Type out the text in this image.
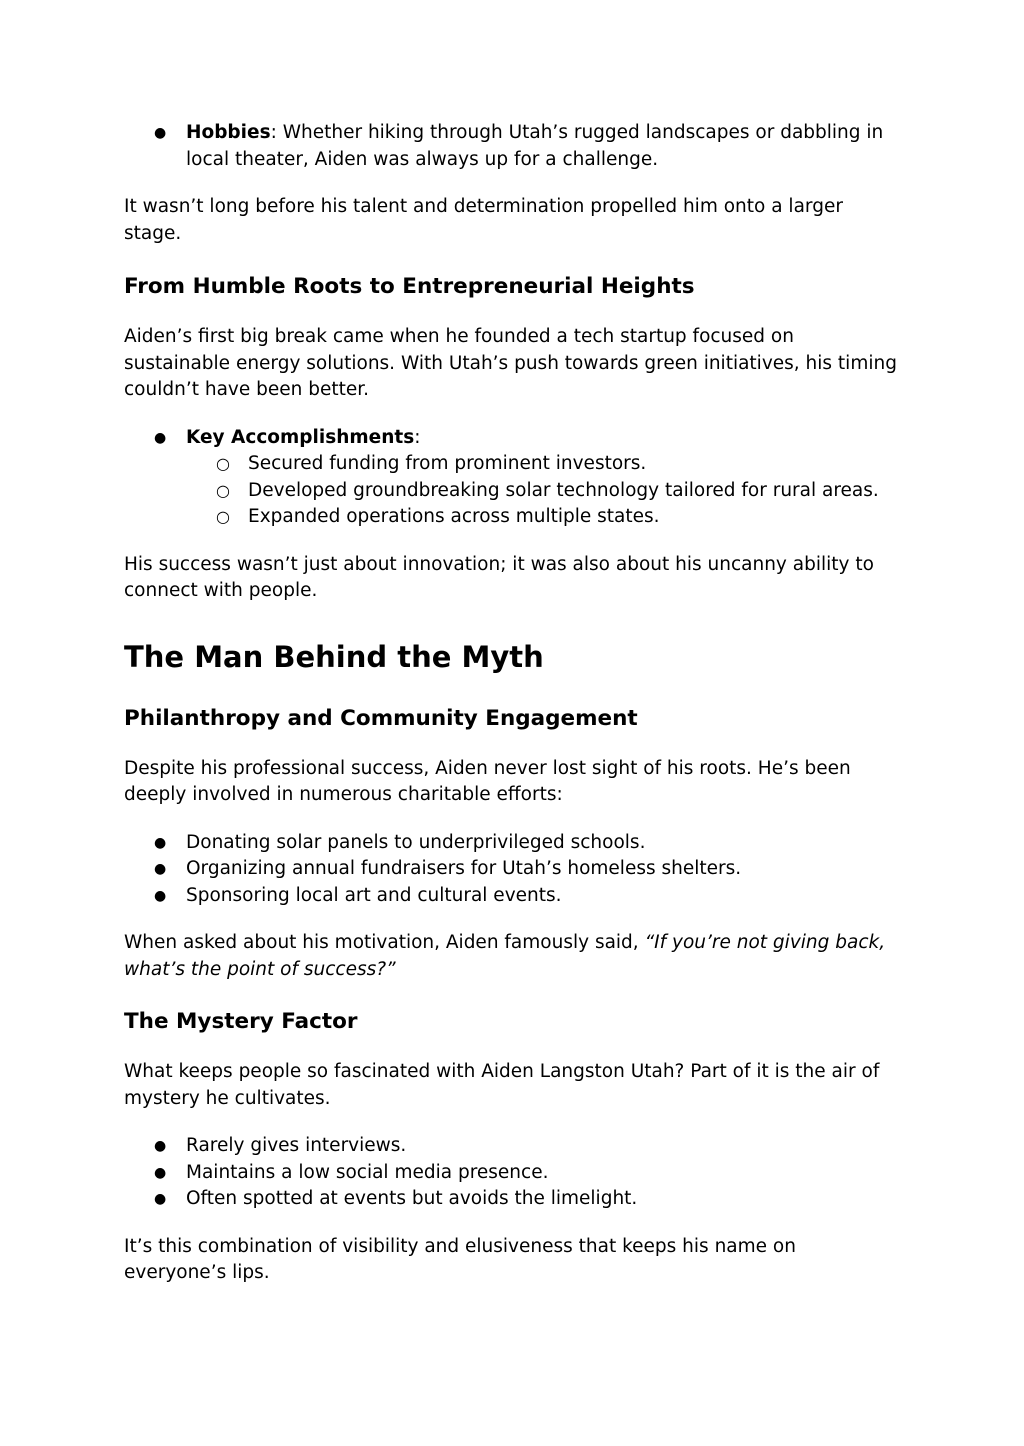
● Hobbies: Whether hiking through Utah’s rugged landscapes or dabbling in local theater, Aiden was always up for a challenge.

It wasn’t long before his talent and determination propelled him onto a larger stage.

From Humble Roots to Entrepreneurial Heights

Aiden’s first big break came when he founded a tech startup focused on sustainable energy solutions. With Utah’s push towards green initiatives, his timing couldn’t have been better.

● Key Accomplishments:
○ Secured funding from prominent investors.
○ Developed groundbreaking solar technology tailored for rural areas.
○ Expanded operations across multiple states.

His success wasn’t just about innovation; it was also about his uncanny ability to connect with people.

The Man Behind the Myth
Philanthropy and Community Engagement

Despite his professional success, Aiden never lost sight of his roots. He’s been deeply involved in numerous charitable efforts:

● Donating solar panels to underprivileged schools.
● Organizing annual fundraisers for Utah’s homeless shelters.
● Sponsoring local art and cultural events.

When asked about his motivation, Aiden famously said, “If you’re not giving back, what’s the point of success?”

The Mystery Factor

What keeps people so fascinated with Aiden Langston Utah? Part of it is the air of mystery he cultivates.

● Rarely gives interviews.
● Maintains a low social media presence.
● Often spotted at events but avoids the limelight.

It’s this combination of visibility and elusiveness that keeps his name on everyone’s lips.
